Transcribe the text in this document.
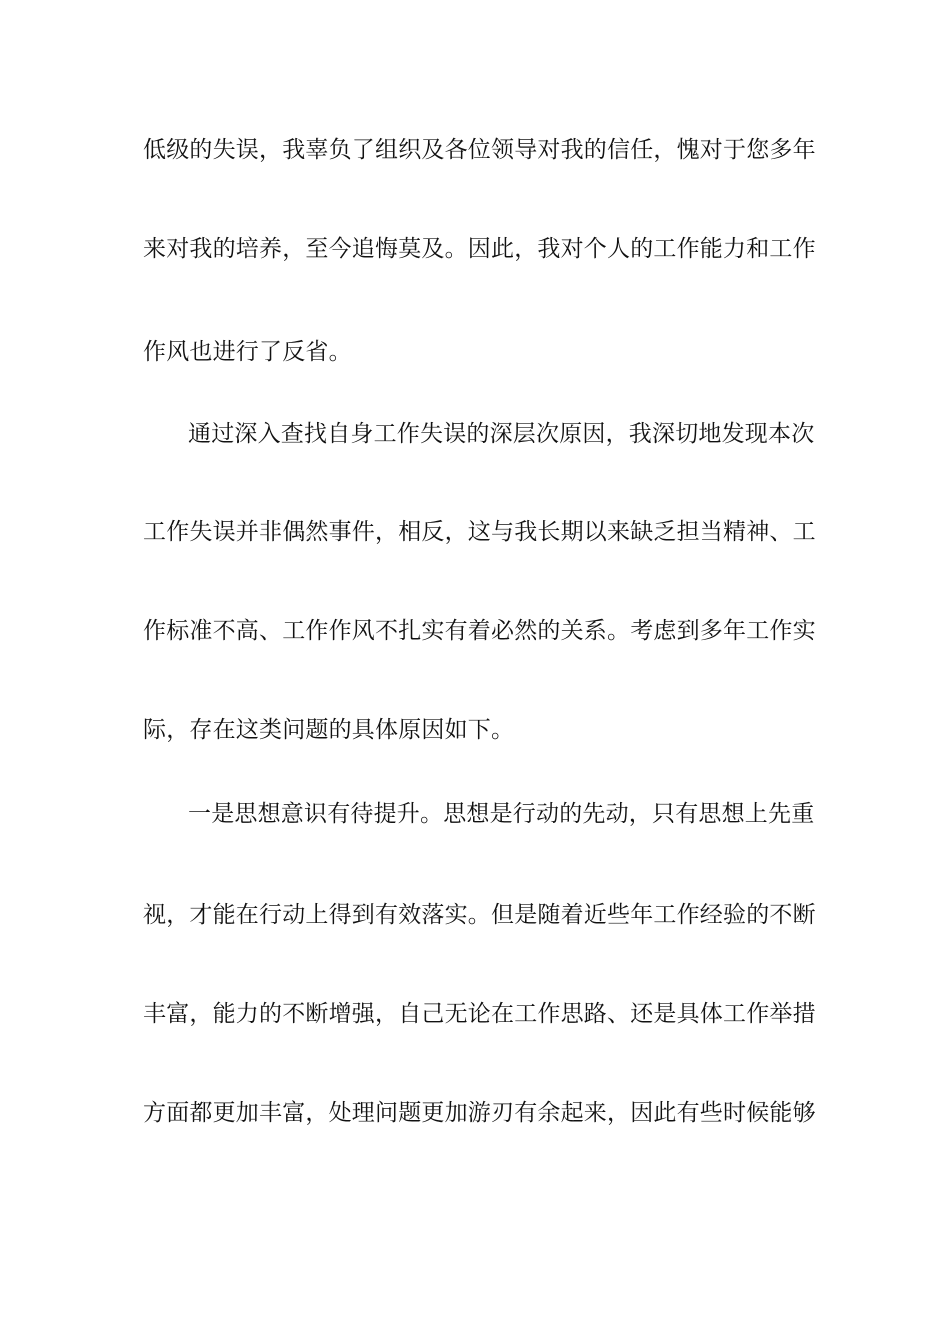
低级的失误，我辜负了组织及各位领导对我的信任，愧对于您多年
来对我的培养，至今追悔莫及。因此，我对个人的工作能力和工作
作风也进行了反省。
通过深入查找自身工作失误的深层次原因，我深切地发现本次
工作失误并非偶然事件，相反，这与我长期以来缺乏担当精神、工
作标准不高、工作作风不扎实有着必然的关系。考虑到多年工作实
际，存在这类问题的具体原因如下。
一是思想意识有待提升。思想是行动的先动，只有思想上先重
视，才能在行动上得到有效落实。但是随着近些年工作经验的不断
丰富，能力的不断增强，自己无论在工作思路、还是具体工作举措
方面都更加丰富，处理问题更加游刃有余起来，因此有些时候能够
